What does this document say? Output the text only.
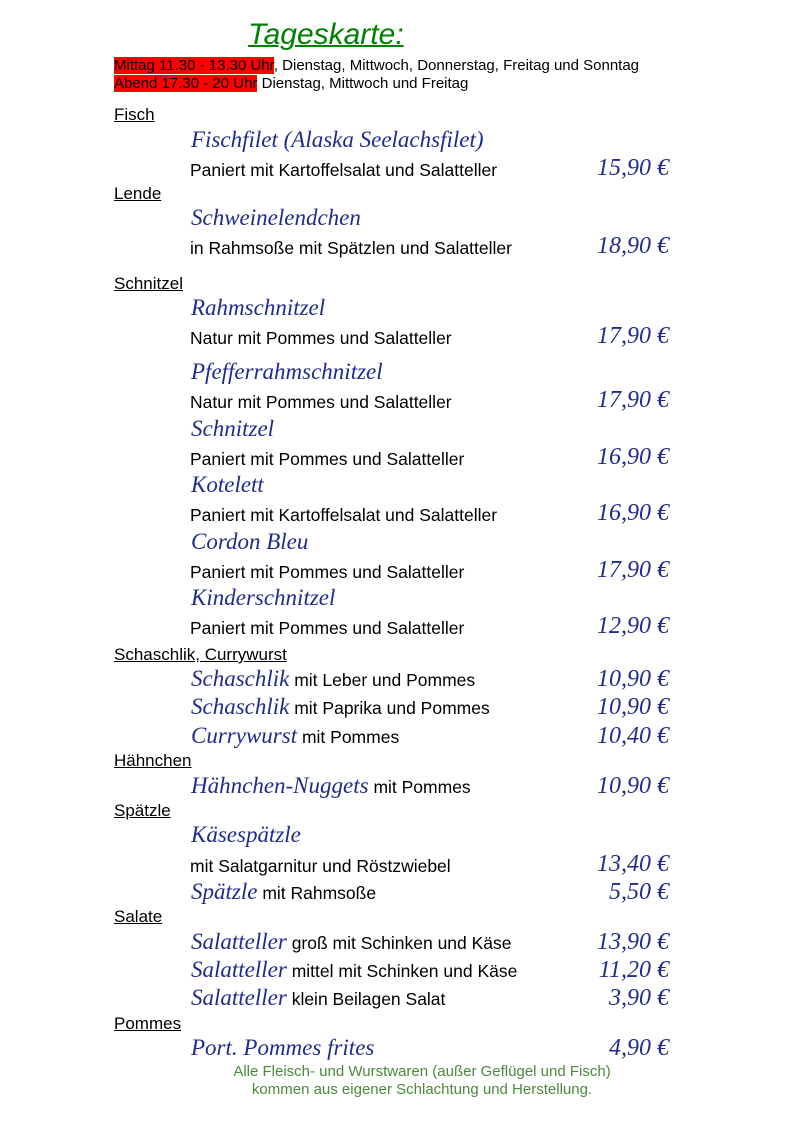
Tageskarte:
Mittag 11.30 - 13.30 Uhr, Dienstag, Mittwoch, Donnerstag, Freitag und Sonntag
Abend 17.30 - 20 Uhr Dienstag, Mittwoch und Freitag
Fisch
Fischfilet (Alaska Seelachsfilet)
Paniert mit Kartoffelsalat und Salatteller	15,90 €
Lende
Schweinelendchen
in Rahmsoße mit Spätzlen und Salatteller	18,90 €
Schnitzel
Rahmschnitzel
Natur mit Pommes und Salatteller	17,90 €
Pfefferrahmschnitzel
Natur mit Pommes und Salatteller	17,90 €
Schnitzel
Paniert mit Pommes und Salatteller	16,90 €
Kotelett
Paniert mit Kartoffelsalat und Salatteller	16,90 €
Cordon Bleu
Paniert mit Pommes und Salatteller	17,90 €
Kinderschnitzel
Paniert mit Pommes und Salatteller	12,90 €
Schaschlik, Currywurst
Schaschlik mit Leber und Pommes	10,90 €
Schaschlik mit Paprika und Pommes	10,90 €
Currywurst mit Pommes	10,40 €
Hähnchen
Hähnchen-Nuggets mit Pommes	10,90 €
Spätzle
Käsespätzle
mit Salatgarnitur und Röstzwiebel	13,40 €
Spätzle mit Rahmsoße	5,50 €
Salate
Salatteller groß mit Schinken und Käse	13,90 €
Salatteller mittel mit Schinken und Käse	11,20 €
Salatteller klein Beilagen Salat	3,90 €
Pommes
Port. Pommes frites	4,90 €
Alle Fleisch- und Wurstwaren (außer Geflügel und Fisch)
kommen aus eigener Schlachtung und Herstellung.
